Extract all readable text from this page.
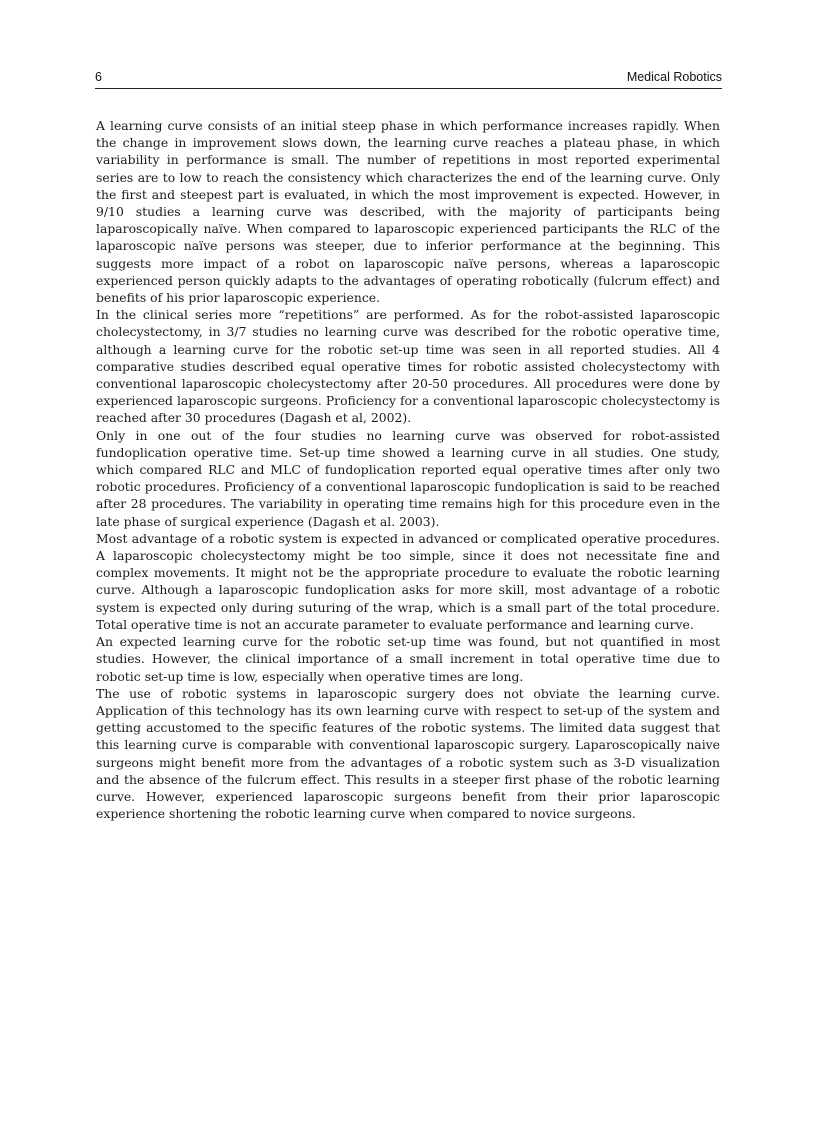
6	Medical Robotics

A learning curve consists of an initial steep phase in which performance increases rapidly. When the change in improvement slows down, the learning curve reaches a plateau phase, in which variability in performance is small. The number of repetitions in most reported experimental series are to low to reach the consistency which characterizes the end of the learning curve. Only the first and steepest part is evaluated, in which the most improvement is expected. However, in 9/10 studies a learning curve was described, with the majority of participants being laparoscopically naïve. When compared to laparoscopic experienced participants the RLC of the laparoscopic naïve persons was steeper, due to inferior performance at the beginning. This suggests more impact of a robot on laparoscopic naïve persons, whereas a laparoscopic experienced person quickly adapts to the advantages of operating robotically (fulcrum effect) and benefits of his prior laparoscopic experience.

In the clinical series more “repetitions” are performed. As for the robot-assisted laparoscopic cholecystectomy, in 3/7 studies no learning curve was described for the robotic operative time, although a learning curve for the robotic set-up time was seen in all reported studies. All 4 comparative studies described equal operative times for robotic assisted cholecystectomy with conventional laparoscopic cholecystectomy after 20-50 procedures. All procedures were done by experienced laparoscopic surgeons. Proficiency for a conventional laparoscopic cholecystectomy is reached after 30 procedures (Dagash et al, 2002).

Only in one out of the four studies no learning curve was observed for robot-assisted fundoplication operative time. Set-up time showed a learning curve in all studies. One study, which compared RLC and MLC of fundoplication reported equal operative times after only two robotic procedures. Proficiency of a conventional laparoscopic fundoplication is said to be reached after 28 procedures. The variability in operating time remains high for this procedure even in the late phase of surgical experience (Dagash et al. 2003).

Most advantage of a robotic system is expected in advanced or complicated operative procedures. A laparoscopic cholecystectomy might be too simple, since it does not necessitate fine and complex movements. It might not be the appropriate procedure to evaluate the robotic learning curve. Although a laparoscopic fundoplication asks for more skill, most advantage of a robotic system is expected only during suturing of the wrap, which is a small part of the total procedure. Total operative time is not an accurate parameter to evaluate performance and learning curve.

An expected learning curve for the robotic set-up time was found, but not quantified in most studies. However, the clinical importance of a small increment in total operative time due to robotic set-up time is low, especially when operative times are long.

The use of robotic systems in laparoscopic surgery does not obviate the learning curve. Application of this technology has its own learning curve with respect to set-up of the system and getting accustomed to the specific features of the robotic systems. The limited data suggest that this learning curve is comparable with conventional laparoscopic surgery. Laparoscopically naive surgeons might benefit more from the advantages of a robotic system such as 3-D visualization and the absence of the fulcrum effect. This results in a steeper first phase of the robotic learning curve. However, experienced laparoscopic surgeons benefit from their prior laparoscopic experience shortening the robotic learning curve when compared to novice surgeons.
